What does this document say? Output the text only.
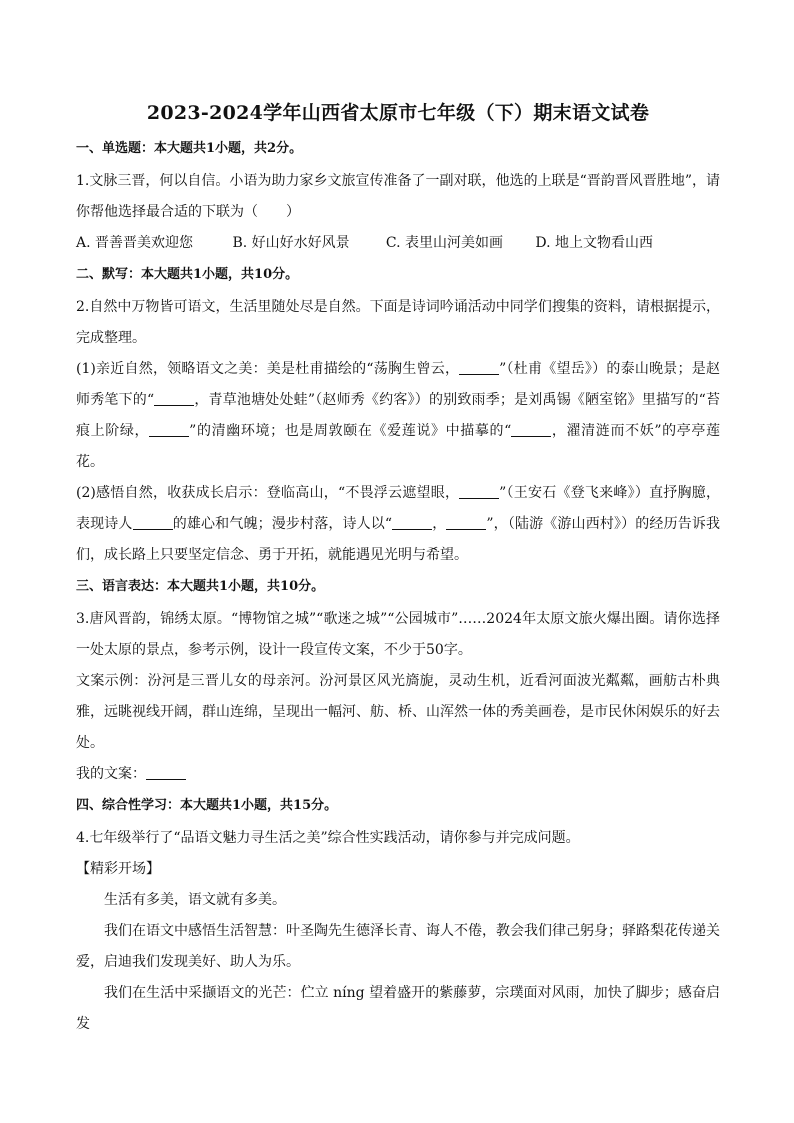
2023-2024学年山西省太原市七年级（下）期末语文试卷
一、单选题：本大题共1小题，共2分。

1.文脉三晋，何以自信。小语为助力家乡文旅宣传准备了一副对联，他选的上联是“晋韵晋风晋胜地”，请你帮他选择最合适的下联为（　　）

A. 晋善晋美欢迎您	B. 好山好水好风景	C. 表里山河美如画 D. 地上文物看山西
二、默写：本大题共1小题，共10分。

2.自然中万物皆可语文，生活里随处尽是自然。下面是诗词吟诵活动中同学们搜集的资料，请根据提示，完成整理。

(1)亲近自然，领略语文之美：美是杜甫描绘的“荡胸生曾云，	”（杜甫《望岳》）的泰山晚景；是赵师秀笔下的“	，青草池塘处处蛙”（赵师秀《约客》）的别致雨季；是刘禹锡《陋室铭》里描写的“苔痕上阶绿，	”的清幽环境；也是周敦颐在《爱莲说》中描摹的“	，濯清涟而不妖”的亭亭莲花。

(2)感悟自然，收获成长启示：登临高山，“不畏浮云遮望眼，	”（王安石《登飞来峰》）直抒胸臆，表现诗人	的雄心和气魄；漫步村落，诗人以“	，	”，（陆游《游山西村》）的经历告诉我们，成长路上只要坚定信念、勇于开拓，就能遇见光明与希望。

三、语言表达：本大题共1小题，共10分。

3.唐风晋韵，锦绣太原。“博物馆之城”“歌迷之城”“公园城市”……2024年太原文旅火爆出圈。请你选择一处太原的景点，参考示例，设计一段宣传文案，不少于50字。

文案示例：汾河是三晋儿女的母亲河。汾河景区风光旖旎，灵动生机，近看河面波光粼粼，画舫古朴典雅，远眺视线开阔，群山连绵，呈现出一幅河、舫、桥、山浑然一体的秀美画卷，是市民休闲娱乐的好去处。

我的文案：

四、综合性学习：本大题共1小题，共15分。

4.七年级举行了“品语文魅力寻生活之美”综合性实践活动，请你参与并完成问题。

【精彩开场】

生活有多美，语文就有多美。

我们在语文中感悟生活智慧：叶圣陶先生德泽长青、诲人不倦，教会我们律己躬身；驿路梨花传递关爱，启迪我们发现美好、助人为乐。

我们在生活中采撷语文的光芒：伫立 níng 望着盛开的紫藤萝，宗璞面对风雨，加快了脚步；感奋启发
